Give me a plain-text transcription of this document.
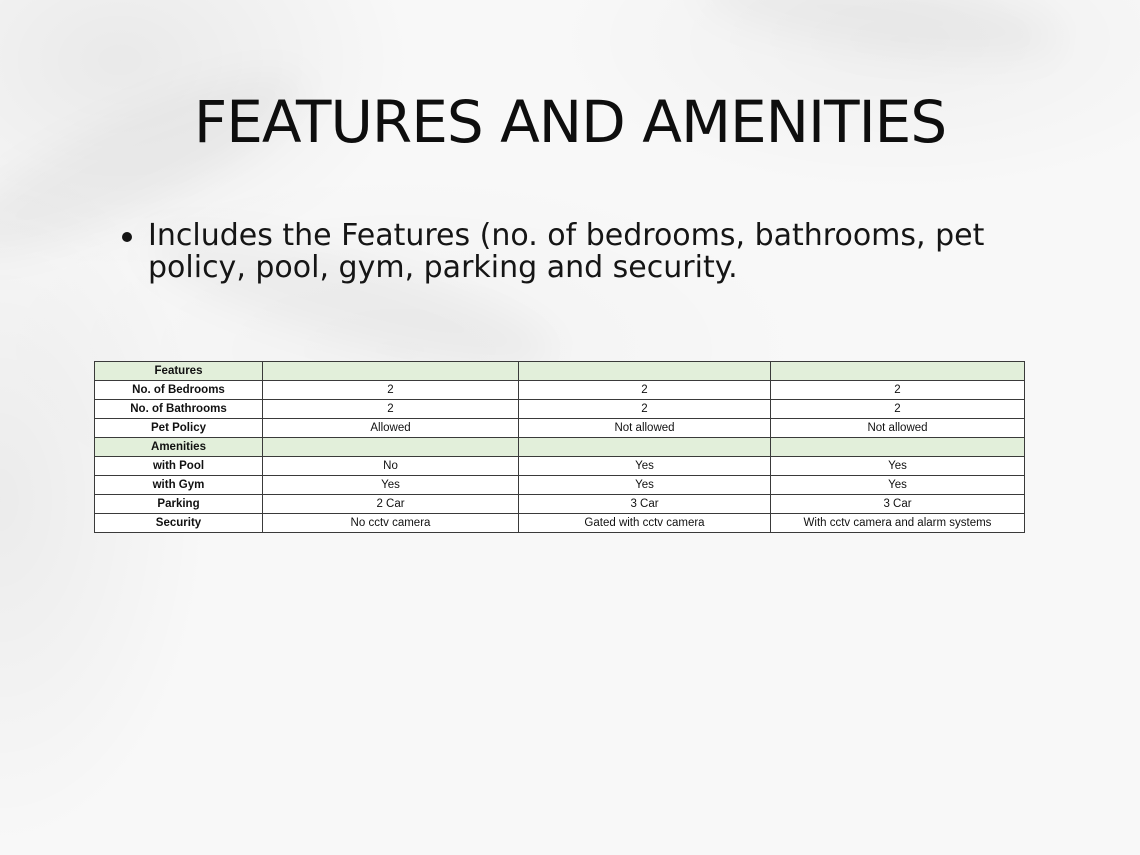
FEATURES AND AMENITIES
Includes the Features (no. of bedrooms, bathrooms, pet policy, pool, gym, parking and security.
Features			
No. of Bedrooms	2	2	2
No. of Bathrooms	2	2	2
Pet Policy	Allowed	Not allowed	Not allowed
Amenities			
with Pool	No	Yes	Yes
with Gym	Yes	Yes	Yes
Parking	2 Car	3 Car	3 Car
Security	No cctv camera	Gated with cctv camera	With cctv camera and alarm systems
